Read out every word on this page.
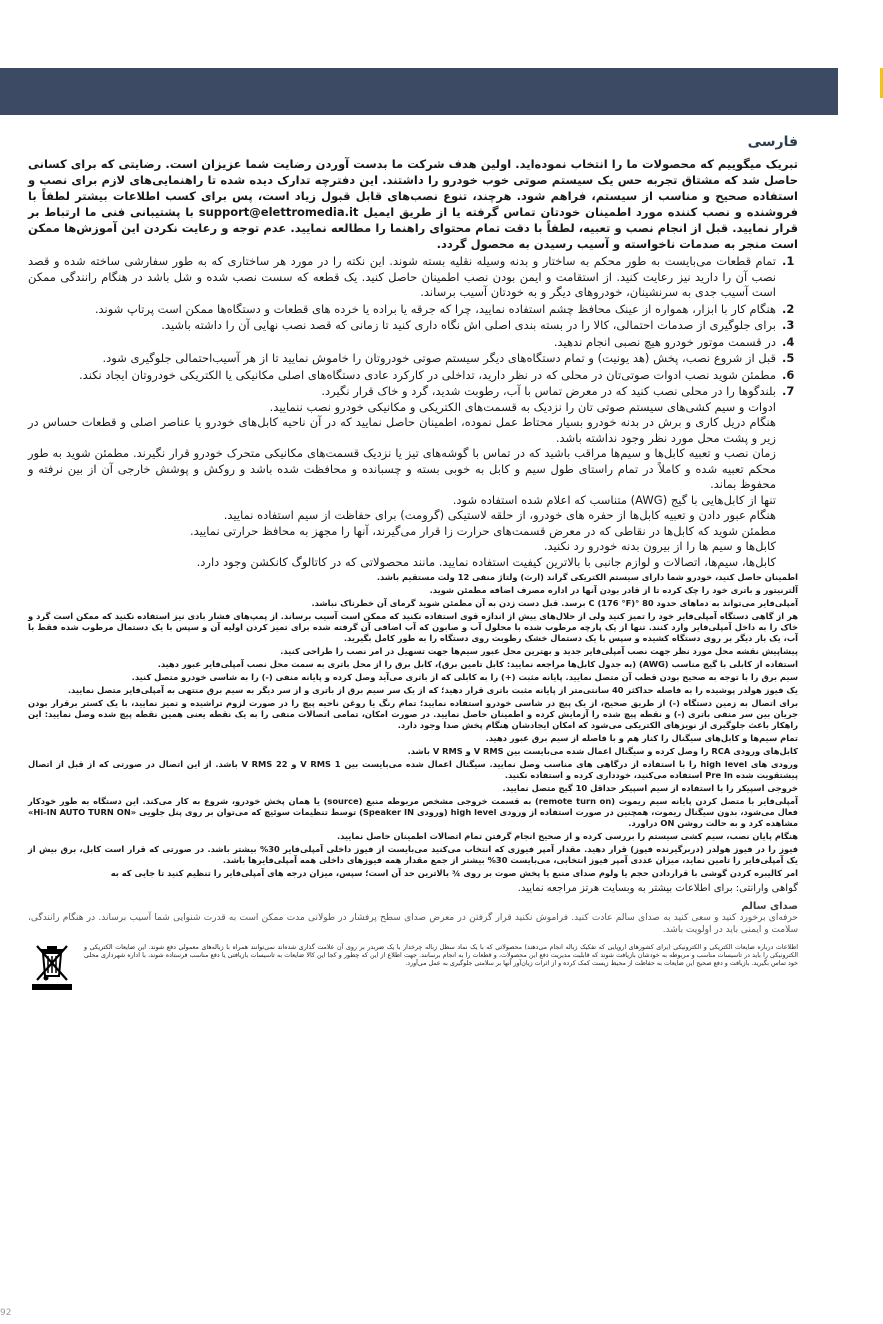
فارسی

تبریک میگوییم که محصولات ما را انتخاب نموده‌اید. اولین هدف شرکت ما بدست آوردن رضایت شما عزیزان است. رضایتی که برای کسانی حاصل شد که مشتاق تجربه حس یک سیستم صوتی خوب خودرو را داشتند. این دفترچه تدارک دیده شده تا راهنمایی‌های لازم برای نصب و استفاده صحیح و مناسب از سیستم، فراهم شود. هرچند، تنوع نصب‌های قابل قبول زیاد است، پس برای کسب اطلاعات بیشتر لطفاً با فروشنده و نصب کننده مورد اطمینان خودتان تماس گرفته یا از طریق ایمیل support@elettromedia.it با پشتیبانی فنی ما ارتباط بر قرار نمایید. قبل از انجام نصب و تعبیه، لطفاً با دقت تمام محتوای راهنما را مطالعه نمایید. عدم توجه و رعایت نکردن این آموزش‌ها ممکن است منجر به صدمات ناخواسته و آسیب رسیدن به محصول گردد.

1. تمام قطعات می‌بایست به طور محکم به ساختار و بدنه وسیله نقلیه بسته شوند. این نکته را در مورد هر ساختاری که به طور سفارشی ساخته شده و قصد نصب آن را دارید نیز رعایت کنید. از استقامت و ایمن بودن نصب اطمینان حاصل کنید. یک قطعه که سست نصب شده و شل باشد در هنگام رانندگی ممکن است آسیب جدی به سرنشینان، خودروهای دیگر و به خودتان آسیب برساند.
2. هنگام کار با ابزار، همواره از عینک محافظ چشم استفاده نمایید، چرا که جرقه یا براده یا خرده های قطعات و دستگاه‌ها ممکن است پرتاپ شوند.
3. برای جلوگیری از صدمات احتمالی، کالا را در بسته بندی اصلی اش نگاه داری کنید تا زمانی که قصد نصب نهایی آن را داشته باشید.
4. در قسمت موتور خودرو هیچ نصبی انجام ندهید.
5. قبل از شروع نصب، پخش (هد یونیت) و تمام دستگاه‌های دیگر سیستم صوتی خودروتان را خاموش نمایید تا از هر آسیب‌احتمالی جلوگیری شود.
6. مطمئن شوید نصب ادوات صوتی‌تان در محلی که در نظر دارید، تداخلی در کارکرد عادی دستگاه‌های اصلی مکانیکی یا الکتریکی خودروتان ایجاد نکند.
7. بلندگوها را در محلی نصب کنید که در معرض تماس با آب، رطوبت شدید، گرد و خاک قرار نگیرد.

ادوات و سیم کشی‌های سیستم صوتی تان را نزدیک به قسمت‌های الکتریکی و مکانیکی خودرو نصب ننمایید.

هنگام دریل کاری و برش در بدنه خودرو بسیار محتاط عمل نموده، اطمینان حاصل نمایید که در آن ناحیه کابل‌های خودرو یا عناصر اصلی و قطعات حساس در زیر و پشت محل مورد نظر وجود نداشته باشد.

زمان نصب و تعبیه کابل‌ها و سیم‌ها مراقب باشید که در تماس با گوشه‌های تیز یا نزدیک قسمت‌های مکانیکی متحرک خودرو قرار نگیرند. مطمئن شوید به طور محکم تعبیه شده و کاملاً در تمام راستای طول سیم و کابل به خوبی بسته و چسبانده و محافظت شده باشد و روکش و پوشش خارجی آن از بین نرفته و محفوظ بماند.

تنها از کابل‌هایی با گیج (AWG) متناسب که اعلام شده استفاده شود.

هنگام عبور دادن و تعبیه کابل‌ها از حفره های خودرو، از حلقه لاستیکی (گرومت) برای حفاظت از سیم استفاده نمایید.

مطمئن شوید که کابل‌ها در نقاطی که در معرض قسمت‌های حرارت زا قرار می‌گیرند، آنها را مجهز به محافظ حرارتی نمایید.

کابل‌ها و سیم ها را از بیرون بدنه خودرو رد نکنید.

کابل‌ها، سیم‌ها، اتصالات و لوازم جانبی با بالاترین کیفیت استفاده نمایید. مانند محصولاتی که در کاتالوگ کانکشن وجود دارد.

اطمینان حاصل کنید، خودرو شما دارای سیستم الکتریکی گراند (ارث) ولتاژ منفی 12 ولت مستقیم باشد.

آلترنیتور و باتری خود را چک کرده تا از قادر بودن آنها در اداره مصرف اضافه مطمئن شوید.

آمپلی‌فایر می‌تواند به دماهای حدود 80 °C (176 °F) برسد. قبل دست زدن به آن مطمئن شوید گرمای آن خطرناک نباشد.

هر از گاهی دستگاه آمپلی‌فایر خود را تمیز کنید ولی از حلال‌های بیش از اندازه قوی استفاده نکنید که ممکن است آسیب برساند. از پمپ‌های فشار بادی نیز استفاده نکنید که ممکن است گرد و خاک را به داخل آمپلی‌فایر وارد کنند. تنها از یک پارچه مرطوب شده با محلول آب و صابون که آب اضافی آن گرفته شده برای تمیز کردن اولیه آن و سپس با یک دستمال مرطوب شده فقط با آب، یک بار دیگر بر روی دستگاه کشیده و سپس با یک دستمال خشک رطوبت روی دستگاه را به طور کامل بگیرید.

پیشاپیش نقشه محل مورد نظر جهت نصب آمپلی‌فایر جدید و بهترین محل عبور سیم‌ها جهت تسهیل در امر نصب را طراحی کنید.

استفاده از کابلی با گیج مناسب (AWG) (به جدول کابل‌ها مراجعه نمایید: کابل تامین برق)، کابل برق را از محل باتری به سمت محل نصب آمپلی‌فایر عبور دهید.

سیم برق را با توجه به صحیح بودن قطب آن متصل نمایید. پایانه مثبت (+) را به کابلی که از باتری می‌آید وصل کرده و پایانه منفی (-) را به شاسی خودرو متصل کنید.

یک فیوز هولدر پوشیده را به فاصله حداکثر 40 سانتی‌متر از پایانه مثبت باتری قرار دهید؛ که از یک سر سیم برق از باتری و از سر دیگر به سیم برق منتهی به آمپلی‌فایر متصل نمایید.

برای اتصال به زمین دستگاه (-) از طریق صحیح، از یک پیچ در شاسی خودرو استفاده نمایید؛ تمام رنگ یا روغن ناحیه پیچ را در صورت لزوم تراشیده و تمیز نمایید، با یک کستر برقرار بودن جریان بین سر منفی باتری (-) و نقطه پیچ شده را آزمایش کرده و اطمینان حاصل نمایید. در صورت امکان، تمامی اتصالات منفی را به یک نقطه یعنی همین نقطه پیچ شده وصل نمایید: این راهکار باعث جلوگیری از نویزهای الکتریکی می‌شود که امکان ایجادشان هنگام پخش صدا وجود دارد.

تمام سیم‌ها و کابل‌های سیگنال را کنار هم و با فاصله از سیم برق عبور دهید.

کابل‌های ورودی RCA را وصل کرده و سیگنال اعمال شده می‌بایست بین V RMS و V RMS باشد.

ورودی های high level را با استفاده از درگاهی های مناسب وصل نمایید. سیگنال اعمال شده می‌بایست بین V RMS 1 و V RMS 22 باشد. از این اتصال در صورتی که از قبل از اتصال پیشتقویت شده Pre In استفاده می‌کنید، خودداری کرده و استفاده نکنید.

خروجی اسپیکر را با استفاده از سیم اسپیکر حداقل 10 گیج متصل نمایید.

آمپلی‌فایر با متصل کردن پایانه سیم ریموت (remote turn on) به قسمت خروجی مشخص مربوطه منبع (source) یا همان پخش خودرو، شروع به کار می‌کند. این دستگاه به طور خودکار فعال می‌شود، بدون سیگنال ریموت، همچنین در صورت استفاده از ورودی high level (ورودی Speaker IN) توسط تنظیمات سوئیچ که می‌توان بر روی پنل جلویی «Hi-IN AUTO TURN ON» مشاهده کرد و به حالت روشن ON دراورد.

هنگام پایان نصب، سیم کشی سیستم را بررسی کرده و از صحیح انجام گرفتن تمام اتصالات اطمینان حاصل نمایید.

فیوز را در فیوز هولدر (دربرگیرنده فیوز) قرار دهید. مقدار آمپر فیوزی که انتخاب می‌کنید می‌بایست از فیوز داخلی آمپلی‌فایر 30% بیشتر باشد. در صورتی که قرار است کابل، برق بیش از یک آمپلی‌فایر را تامین نماید، میزان عددی آمپر فیوز انتخابی، می‌بایست 30% بیشتر از جمع مقدار همه فیوزهای داخلی همه آمپلی‌فایرها باشد.

امر کالیبره کردن گوشی با قراردادن حجم یا ولوم صدای منبع یا پخش صوت بر روی ¾ بالاترین حد آن است؛ سپس، میزان درجه های آمپلی‌فایر را تنظیم کنید تا جایی که به

گواهی وارانتی: برای اطلاعات بیشتر به وبسایت هرتز مراجعه نمایید.

صدای سالم

حرفه‌ای برخورد کنید و سعی کنید به صدای سالم عادت کنید. فراموش نکنید قرار گرفتن در معرض صدای سطح پرفشار در طولانی مدت ممکن است به قدرت شنوایی شما آسیب برساند. در هنگام رانندگی، سلامت و ایمنی باید در اولویت باشد.

اطلاعات درباره ضایعات الکتریکی و الکترونیکی (برای کشورهای اروپایی که تفکیک زباله انجام می‌دهند) محصولاتی که با یک نماد سطل زباله چرخدار با یک ضربدر بر روی آن علامت گذاری شده‌اند نمی‌توانند همراه با زباله‌های معمولی دفع شوند. این ضایعات الکتریکی و الکترونیکی را باید در تاسیسات مناسب و مربوطه به خودشان بازیافت شوند که قابلیت مدیریت دفع این محصولات، و قطعات را به انجام برسانند. جهت اطلاع از این که چطور و کجا این کالا ضایعات به تاسیسات بازیافتی یا دفع مناسب فرستاده شوند، با اداره شهرداری محلی خود تماس بگیرید. بازیافت و دفع صحیح این ضایعات به حفاظت از محیط زیست کمک کرده و از اثرات زیان‌آور آنها بر سلامتی جلوگیری به عمل می‌آورد.

92
